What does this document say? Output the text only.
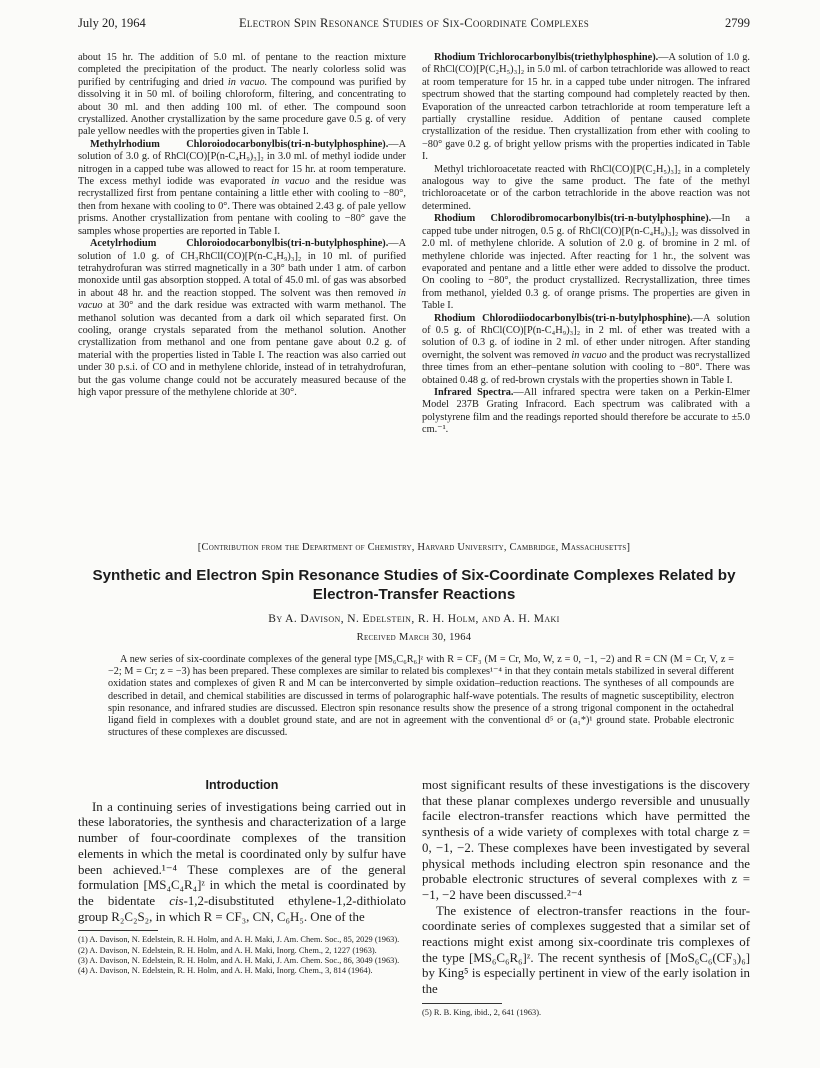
July 20, 1964	Electron Spin Resonance Studies of Six-Coordinate Complexes	2799

about 15 hr. The addition of 5.0 ml. of pentane to the reaction mixture completed the precipitation of the product. The nearly colorless solid was purified by centrifuging and dried in vacuo. The compound was purified by dissolving it in 50 ml. of boiling chloroform, filtering, and concentrating to about 30 ml. and then adding 100 ml. of ether. The compound soon crystallized. Another crystallization by the same procedure gave 0.5 g. of very pale yellow needles with the properties given in Table I.

Methylrhodium Chloroiodocarbonylbis(tri-n-butylphosphine).—A solution of 3.0 g. of RhCl(CO)[P(n-C₄H₉)₃]₂ in 3.0 ml. of methyl iodide under nitrogen in a capped tube was allowed to react for 15 hr. at room temperature. The excess methyl iodide was evaporated in vacuo and the residue was recrystallized first from pentane containing a little ether with cooling to −80°, then from hexane with cooling to 0°. There was obtained 2.43 g. of pale yellow prisms. Another crystallization from pentane with cooling to −80° gave the samples whose properties are reported in Table I.

Acetylrhodium Chloroiodocarbonylbis(tri-n-butylphosphine).—A solution of 1.0 g. of CH₃RhClI(CO)[P(n-C₄H₉)₃]₂ in 10 ml. of purified tetrahydrofuran was stirred magnetically in a 30° bath under 1 atm. of carbon monoxide until gas absorption stopped. A total of 45.0 ml. of gas was absorbed in about 48 hr. and the reaction stopped. The solvent was then removed in vacuo at 30° and the dark residue was extracted with warm methanol. The methanol solution was decanted from a dark oil which separated first. On cooling, orange crystals separated from the methanol solution. Another crystallization from methanol and one from pentane gave about 0.2 g. of material with the properties listed in Table I. The reaction was also carried out under 30 p.s.i. of CO and in methylene chloride, instead of in tetrahydrofuran, but the gas volume change could not be accurately measured because of the high vapor pressure of the methylene chloride at 30°.

Rhodium Trichlorocarbonylbis(triethylphosphine).—A solution of 1.0 g. of RhCl(CO)[P(C₂H₅)₃]₂ in 5.0 ml. of carbon tetrachloride was allowed to react at room temperature for 15 hr. in a capped tube under nitrogen. The infrared spectrum showed that the starting compound had completely reacted by then. Evaporation of the unreacted carbon tetrachloride at room temperature left a partially crystalline residue. Addition of pentane caused complete crystallization of the residue. Then crystallization from ether with cooling to −80° gave 0.2 g. of bright yellow prisms with the properties indicated in Table I.

Methyl trichloroacetate reacted with RhCl(CO)[P(C₂H₅)₃]₂ in a completely analogous way to give the same product. The fate of the methyl trichloroacetate or of the carbon tetrachloride in the above reaction was not determined.

Rhodium Chlorodibromocarbonylbis(tri-n-butylphosphine).—In a capped tube under nitrogen, 0.5 g. of RhCl(CO)[P(n-C₄H₉)₃]₂ was dissolved in 2.0 ml. of methylene chloride. A solution of 2.0 g. of bromine in 2 ml. of methylene chloride was injected. After reacting for 1 hr., the solvent was evaporated and pentane and a little ether were added to dissolve the product. On cooling to −80°, the product crystallized. Recrystallization, three times from methanol, yielded 0.3 g. of orange prisms. The properties are given in Table I.

Rhodium Chlorodiiodocarbonylbis(tri-n-butylphosphine).—A solution of 0.5 g. of RhCl(CO)[P(n-C₄H₉)₃]₂ in 2 ml. of ether was treated with a solution of 0.3 g. of iodine in 2 ml. of ether under nitrogen. After standing overnight, the solvent was removed in vacuo and the product was recrystallized three times from an ether–pentane solution with cooling to −80°. There was obtained 0.48 g. of red-brown crystals with the properties shown in Table I.

Infrared Spectra.—All infrared spectra were taken on a Perkin-Elmer Model 237B Grating Infracord. Each spectrum was calibrated with a polystyrene film and the readings reported should therefore be accurate to ±5.0 cm.⁻¹.

[Contribution from the Department of Chemistry, Harvard University, Cambridge, Massachusetts]
Synthetic and Electron Spin Resonance Studies of Six-Coordinate Complexes Related by Electron-Transfer Reactions
By A. Davison, N. Edelstein, R. H. Holm, and A. H. Maki
Received March 30, 1964
A new series of six-coordinate complexes of the general type [MS₆C₆R₆]ᶻ with R = CF₃ (M = Cr, Mo, W, z = 0, −1, −2) and R = CN (M = Cr, V, z = −2; M = Cr; z = −3) has been prepared. These complexes are similar to related bis complexes¹⁻⁴ in that they contain metals stabilized in several different oxidation states and complexes of given R and M can be interconverted by simple oxidation–reduction reactions. The syntheses of all compounds are described in detail, and chemical stabilities are discussed in terms of polarographic half-wave potentials. The results of magnetic susceptibility, electron spin resonance, and infrared studies are discussed. Electron spin resonance results show the presence of a strong trigonal component in the octahedral ligand field in complexes with a doublet ground state, and are not in agreement with the conventional d⁵ or (a₁*)¹ ground state. Probable electronic structures of these complexes are discussed.
Introduction

In a continuing series of investigations being carried out in these laboratories, the synthesis and characterization of a large number of four-coordinate complexes of the transition elements in which the metal is coordinated only by sulfur have been achieved.¹⁻⁴ These complexes are of the general formulation [MS₄C₄R₄]ᶻ in which the metal is coordinated by the bidentate cis-1,2-disubstituted ethylene-1,2-dithiolato group R₂C₂S₂, in which R = CF₃, CN, C₆H₅. One of the

(1) A. Davison, N. Edelstein, R. H. Holm, and A. H. Maki, J. Am. Chem. Soc., 85, 2029 (1963).
(2) A. Davison, N. Edelstein, R. H. Holm, and A. H. Maki, Inorg. Chem., 2, 1227 (1963).
(3) A. Davison, N. Edelstein, R. H. Holm, and A. H. Maki, J. Am. Chem. Soc., 86, 3049 (1963).
(4) A. Davison, N. Edelstein, R. H. Holm, and A. H. Maki, Inorg. Chem., 3, 814 (1964).

most significant results of these investigations is the discovery that these planar complexes undergo reversible and unusually facile electron-transfer reactions which have permitted the synthesis of a wide variety of complexes with total charge z = 0, −1, −2. These complexes have been investigated by several physical methods including electron spin resonance and the probable electronic structures of several complexes with z = −1, −2 have been discussed.²⁻⁴

The existence of electron-transfer reactions in the four-coordinate series of complexes suggested that a similar set of reactions might exist among six-coordinate tris complexes of the type [MS₆C₆R₆]ᶻ. The recent synthesis of [MoS₆C₆(CF₃)₆] by King⁵ is especially pertinent in view of the early isolation in the

(5) R. B. King, ibid., 2, 641 (1963).
